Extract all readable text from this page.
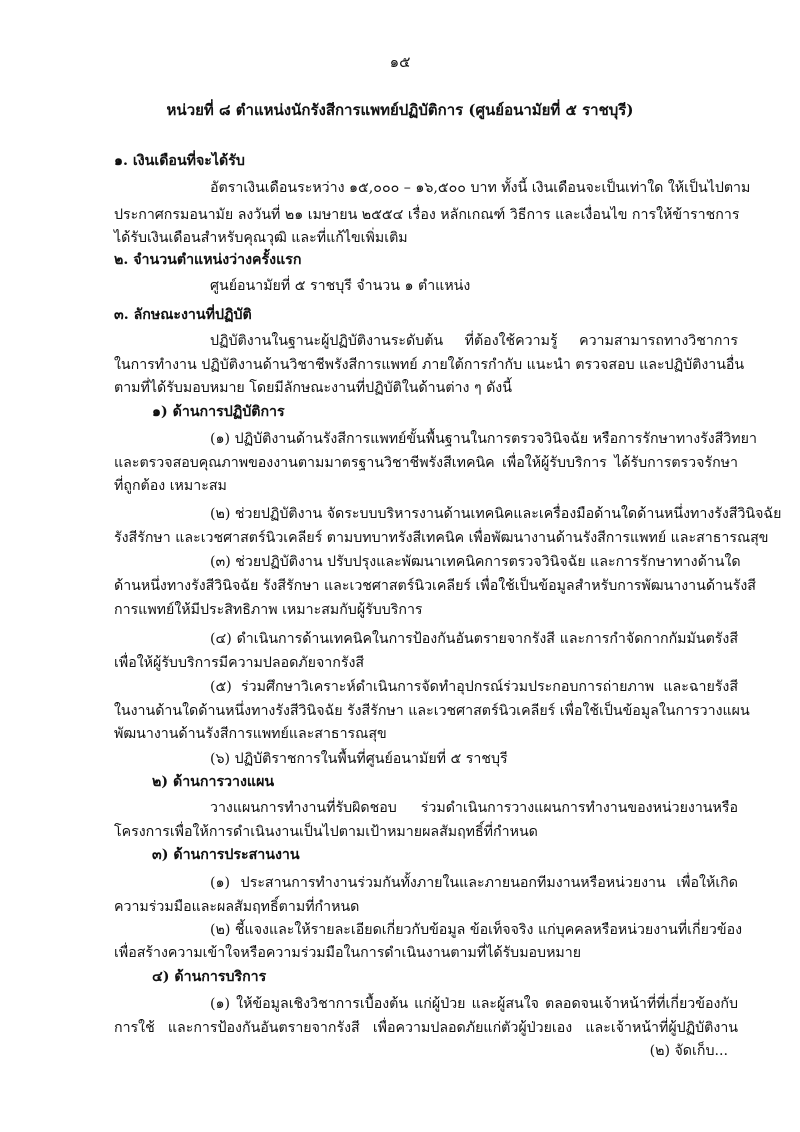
๑๕
หน่วยที่ ๘ ตำแหน่งนักรังสีการแพทย์ปฏิบัติการ (ศูนย์อนามัยที่ ๕ ราชบุรี)
๑. เงินเดือนที่จะได้รับ
อัตราเงินเดือนระหว่าง ๑๕,๐๐๐ – ๑๖,๕๐๐ บาท ทั้งนี้ เงินเดือนจะเป็นเท่าใด ให้เป็นไปตาม
ประกาศกรมอนามัย ลงวันที่ ๒๑ เมษายน ๒๕๕๔ เรื่อง หลักเกณฑ์ วิธีการ และเงื่อนไข การให้ข้าราชการ
ได้รับเงินเดือนสำหรับคุณวุฒิ และที่แก้ไขเพิ่มเติม
๒. จำนวนตำแหน่งว่างครั้งแรก
ศูนย์อนามัยที่ ๕ ราชบุรี จำนวน ๑ ตำแหน่ง
๓. ลักษณะงานที่ปฏิบัติ
ปฏิบัติงานในฐานะผู้ปฏิบัติงานระดับต้น ที่ต้องใช้ความรู้ ความสามารถทางวิชาการ
ในการทำงาน ปฏิบัติงานด้านวิชาชีพรังสีการแพทย์ ภายใต้การกำกับ แนะนำ ตรวจสอบ และปฏิบัติงานอื่น
ตามที่ได้รับมอบหมาย โดยมีลักษณะงานที่ปฏิบัติในด้านต่าง ๆ ดังนี้
๑) ด้านการปฏิบัติการ
(๑) ปฏิบัติงานด้านรังสีการแพทย์ขั้นพื้นฐานในการตรวจวินิจฉัย หรือการรักษาทางรังสีวิทยา
และตรวจสอบคุณภาพของงานตามมาตรฐานวิชาชีพรังสีเทคนิค เพื่อให้ผู้รับบริการ ได้รับการตรวจรักษา
ที่ถูกต้อง เหมาะสม
(๒) ช่วยปฏิบัติงาน จัดระบบบริหารงานด้านเทคนิคและเครื่องมือด้านใดด้านหนึ่งทางรังสีวินิจฉัย
รังสีรักษา และเวชศาสตร์นิวเคลียร์ ตามบทบาทรังสีเทคนิค เพื่อพัฒนางานด้านรังสีการแพทย์ และสาธารณสุข
(๓) ช่วยปฏิบัติงาน ปรับปรุงและพัฒนาเทคนิคการตรวจวินิจฉัย และการรักษาทางด้านใด
ด้านหนึ่งทางรังสีวินิจฉัย รังสีรักษา และเวชศาสตร์นิวเคลียร์ เพื่อใช้เป็นข้อมูลสำหรับการพัฒนางานด้านรังสี
การแพทย์ให้มีประสิทธิภาพ เหมาะสมกับผู้รับบริการ
(๔) ดำเนินการด้านเทคนิคในการป้องกันอันตรายจากรังสี และการกำจัดกากกัมมันตรังสี
เพื่อให้ผู้รับบริการมีความปลอดภัยจากรังสี
(๕) ร่วมศึกษาวิเคราะห์ดำเนินการจัดทำอุปกรณ์ร่วมประกอบการถ่ายภาพ และฉายรังสี
ในงานด้านใดด้านหนึ่งทางรังสีวินิจฉัย รังสีรักษา และเวชศาสตร์นิวเคลียร์ เพื่อใช้เป็นข้อมูลในการวางแผน
พัฒนางานด้านรังสีการแพทย์และสาธารณสุข
(๖) ปฏิบัติราชการในพื้นที่ศูนย์อนามัยที่ ๕ ราชบุรี
๒) ด้านการวางแผน
วางแผนการทำงานที่รับผิดชอบ ร่วมดำเนินการวางแผนการทำงานของหน่วยงานหรือ
โครงการเพื่อให้การดำเนินงานเป็นไปตามเป้าหมายผลสัมฤทธิ์ที่กำหนด
๓) ด้านการประสานงาน
(๑) ประสานการทำงานร่วมกันทั้งภายในและภายนอกทีมงานหรือหน่วยงาน เพื่อให้เกิด
ความร่วมมือและผลสัมฤทธิ์ตามที่กำหนด
(๒) ชี้แจงและให้รายละเอียดเกี่ยวกับข้อมูล ข้อเท็จจริง แก่บุคคลหรือหน่วยงานที่เกี่ยวข้อง
เพื่อสร้างความเข้าใจหรือความร่วมมือในการดำเนินงานตามที่ได้รับมอบหมาย
๔) ด้านการบริการ
(๑) ให้ข้อมูลเชิงวิชาการเบื้องต้น แก่ผู้ป่วย และผู้สนใจ ตลอดจนเจ้าหน้าที่ที่เกี่ยวข้องกับ
การใช้ และการป้องกันอันตรายจากรังสี เพื่อความปลอดภัยแก่ตัวผู้ป่วยเอง และเจ้าหน้าที่ผู้ปฏิบัติงาน
(๒) จัดเก็บ...
